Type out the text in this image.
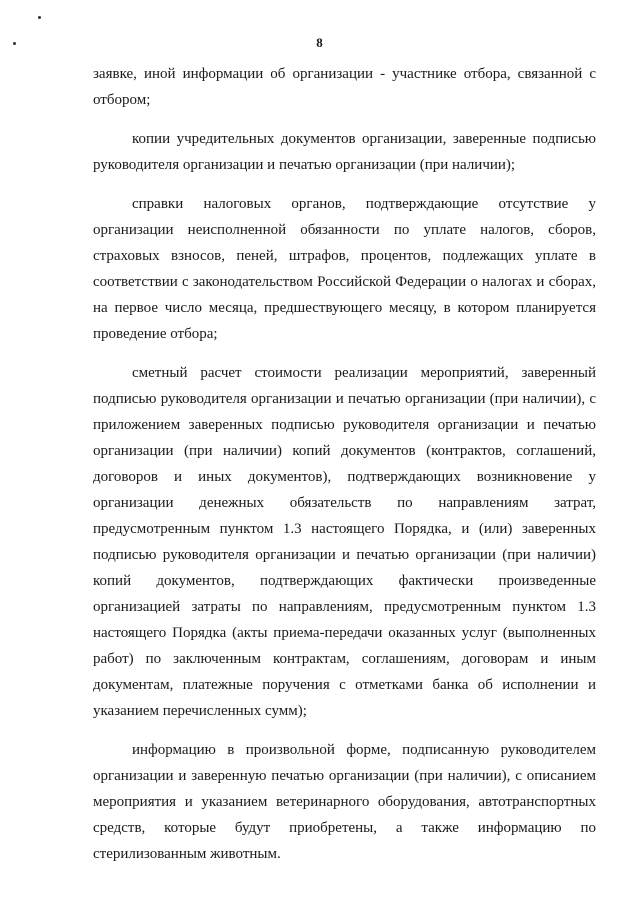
8

заявке, иной информации об организации - участнике отбора, связанной с отбором;

копии учредительных документов организации, заверенные подписью руководителя организации и печатью организации (при наличии);

справки налоговых органов, подтверждающие отсутствие у организации неисполненной обязанности по уплате налогов, сборов, страховых взносов, пеней, штрафов, процентов, подлежащих уплате в соответствии с законодательством Российской Федерации о налогах и сборах, на первое число месяца, предшествующего месяцу, в котором планируется проведение отбора;

сметный расчет стоимости реализации мероприятий, заверенный подписью руководителя организации и печатью организации (при наличии), с приложением заверенных подписью руководителя организации и печатью организации (при наличии) копий документов (контрактов, соглашений, договоров и иных документов), подтверждающих возникновение у организации денежных обязательств по направлениям затрат, предусмотренным пунктом 1.3 настоящего Порядка, и (или) заверенных подписью руководителя организации и печатью организации (при наличии) копий документов, подтверждающих фактически произведенные организацией затраты по направлениям, предусмотренным пунктом 1.3 настоящего Порядка (акты приема-передачи оказанных услуг (выполненных работ) по заключенным контрактам, соглашениям, договорам и иным документам, платежные поручения с отметками банка об исполнении и указанием перечисленных сумм);

информацию в произвольной форме, подписанную руководителем организации и заверенную печатью организации (при наличии), с описанием мероприятия и указанием ветеринарного оборудования, автотранспортных средств, которые будут приобретены, а также информацию по стерилизованным животным.
